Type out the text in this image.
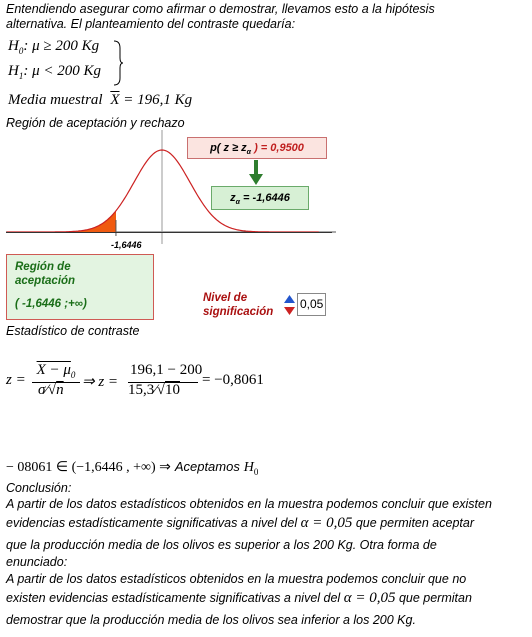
Entendiendo asegurar como afirmar o demostrar, llevamos esto a la hipótesis
alternativa. El planteamiento del contraste quedaría:
$H_0$: μ ≥ 200 Kg
$H_1$: μ < 200 Kg
Media muestral $\overline{X} = 196,1$ Kg
Región de aceptación y rechazo
-1,6446
p( $z \ge z_\alpha$ ) = 0,9500
$z_\alpha = -1,6446$
Región de
aceptación
( -1,6446 ;+∞)	Nivel de
significación
0,05
Estadístico de contraste
z =
$X - \mu_0$
σ⁄√n ⇒ z =
196,1 − 200
15,3⁄√10
= −0,8061
− 08061 ∈ (−1,6446 , +∞) ⇒ Aceptamos $H_0$
Conclusión:
A partir de los datos estadísticos obtenidos en la muestra podemos concluir que existen
evidencias estadísticamente significativas a nivel del α = 0,05 que permiten aceptar
que la producción media de los olivos es superior a los 200 Kg. Otra forma de
enunciado:
A partir de los datos estadísticos obtenidos en la muestra podemos concluir que no
existen evidencias estadísticamente significativas a nivel del α = 0,05 que permitan
demostrar que la producción media de los olivos sea inferior a los 200 Kg.
